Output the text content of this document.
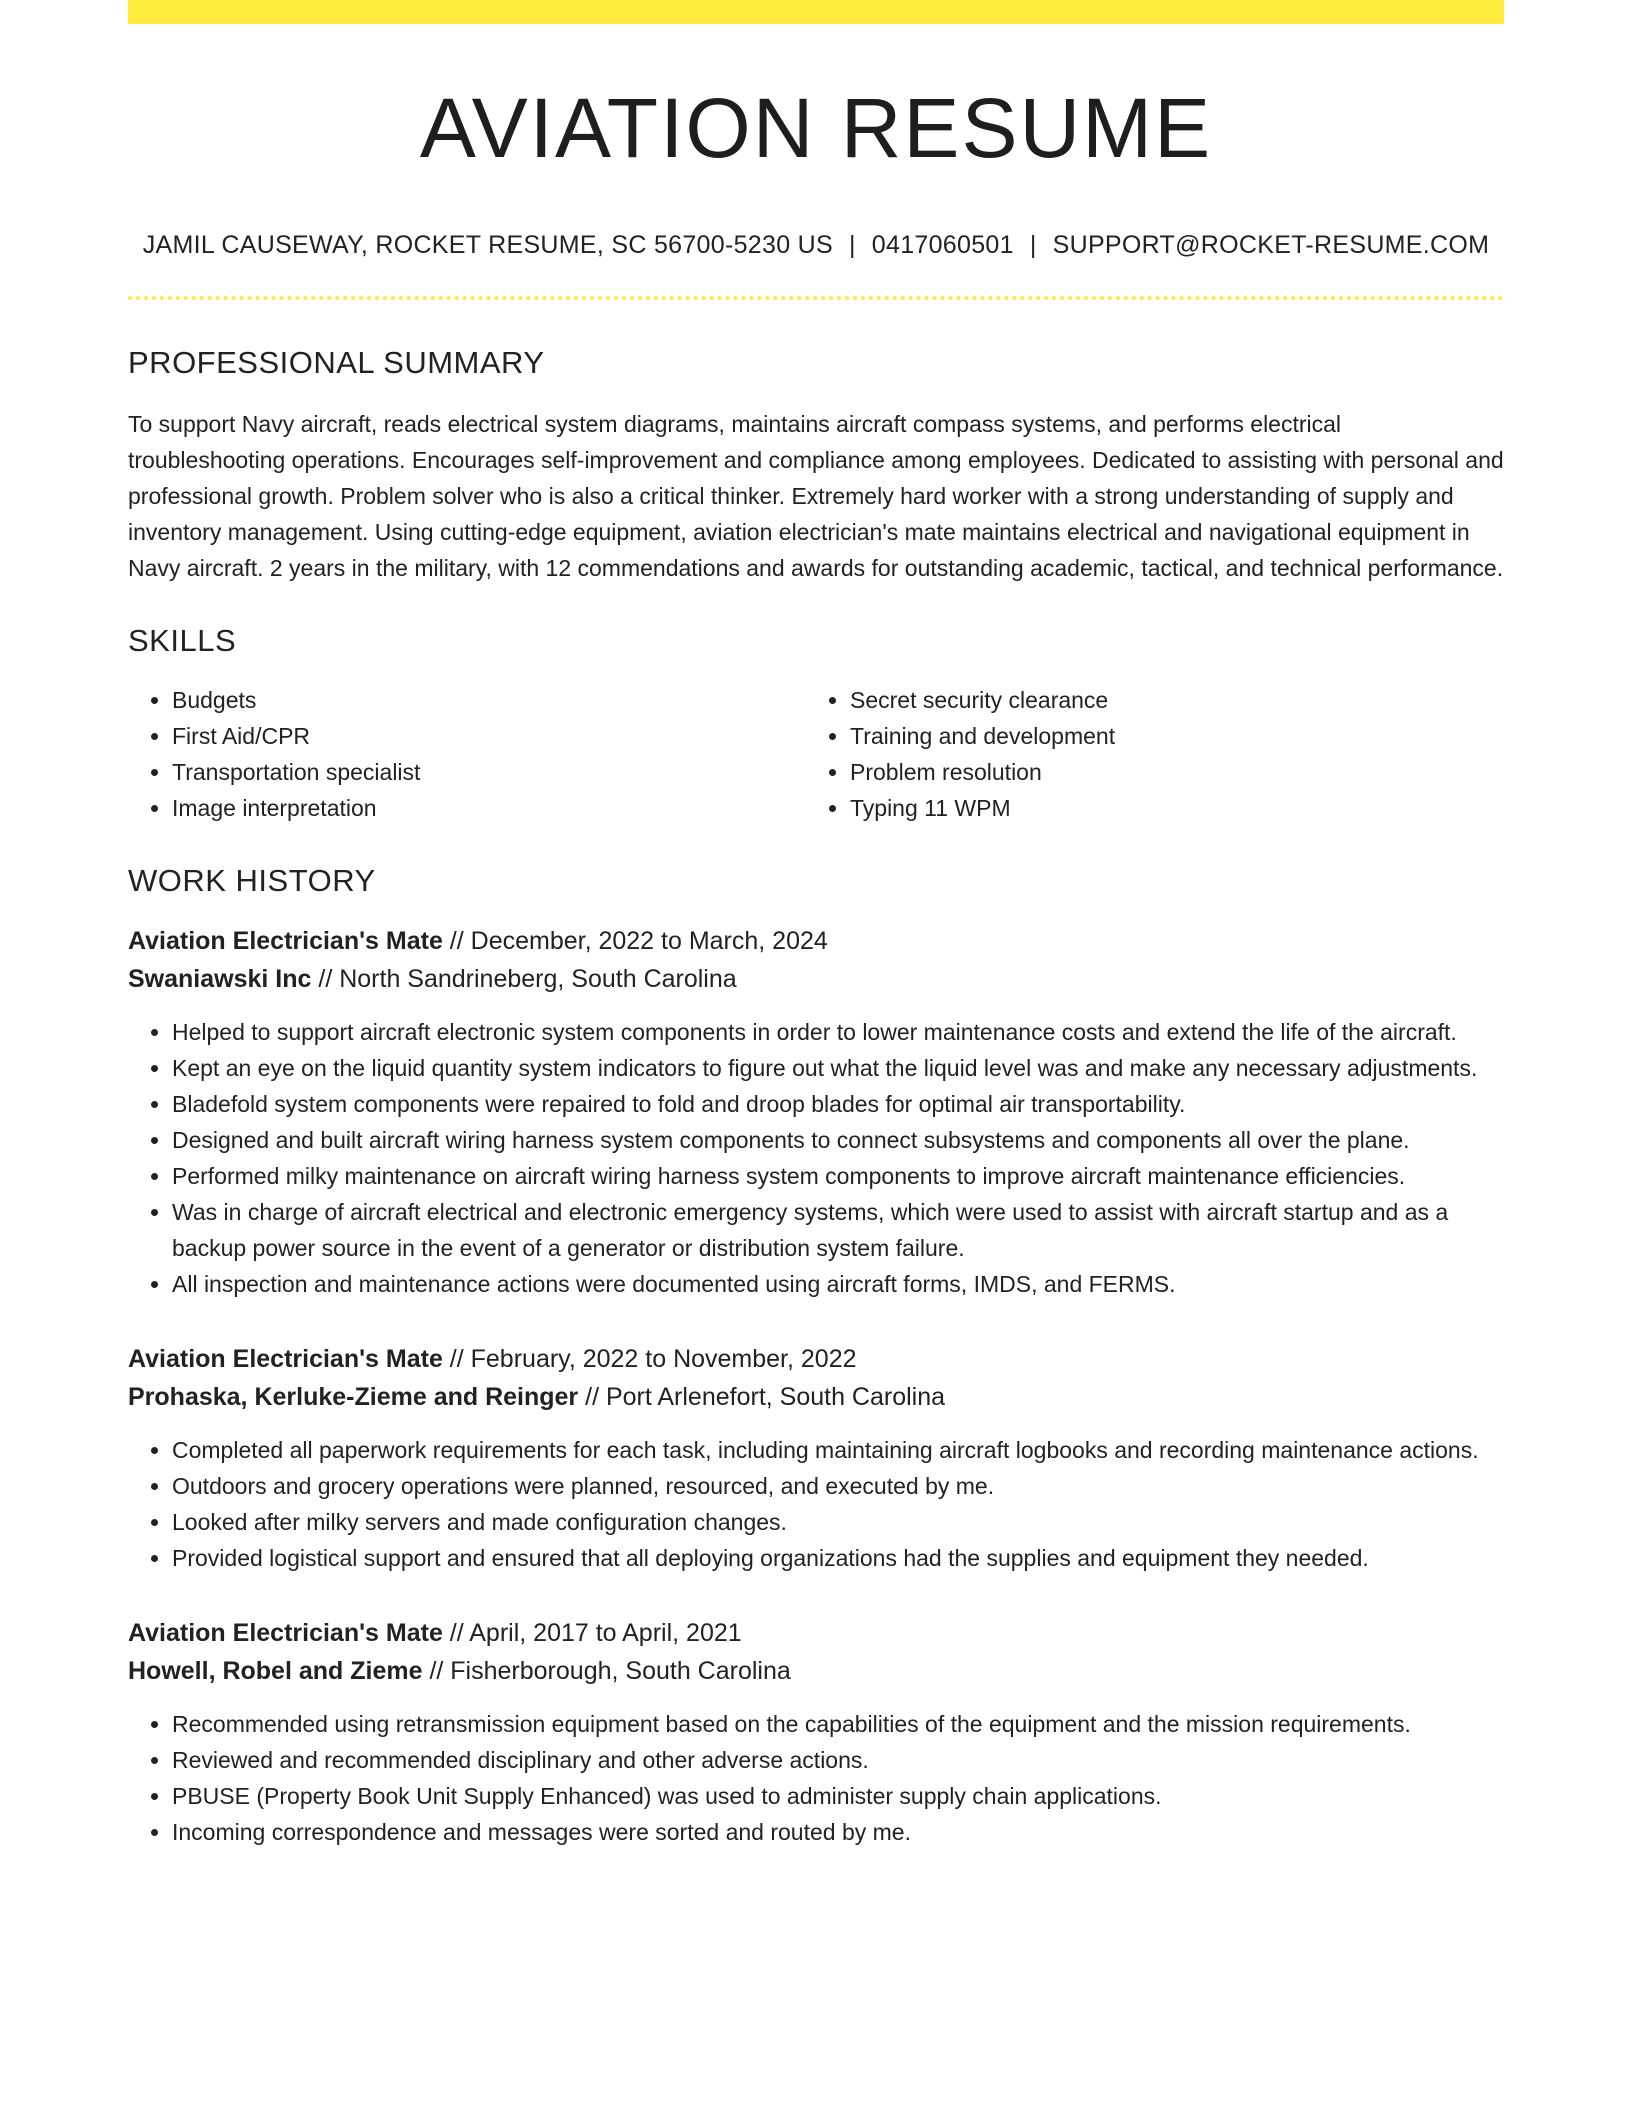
AVIATION RESUME
JAMIL CAUSEWAY, ROCKET RESUME, SC 56700-5230 US | 0417060501 | SUPPORT@ROCKET-RESUME.COM
PROFESSIONAL SUMMARY

To support Navy aircraft, reads electrical system diagrams, maintains aircraft compass systems, and performs electrical troubleshooting operations. Encourages self-improvement and compliance among employees. Dedicated to assisting with personal and professional growth. Problem solver who is also a critical thinker. Extremely hard worker with a strong understanding of supply and inventory management. Using cutting-edge equipment, aviation electrician's mate maintains electrical and navigational equipment in Navy aircraft. 2 years in the military, with 12 commendations and awards for outstanding academic, tactical, and technical performance.

SKILLS
• Budgets
• First Aid/CPR
• Transportation specialist
• Image interpretation
• Secret security clearance
• Training and development
• Problem resolution
• Typing 11 WPM
WORK HISTORY
Aviation Electrician's Mate // December, 2022 to March, 2024
Swaniawski Inc // North Sandrineberg, South Carolina
• Helped to support aircraft electronic system components in order to lower maintenance costs and extend the life of the aircraft.
• Kept an eye on the liquid quantity system indicators to figure out what the liquid level was and make any necessary adjustments.
• Bladefold system components were repaired to fold and droop blades for optimal air transportability.
• Designed and built aircraft wiring harness system components to connect subsystems and components all over the plane.
• Performed milky maintenance on aircraft wiring harness system components to improve aircraft maintenance efficiencies.
• Was in charge of aircraft electrical and electronic emergency systems, which were used to assist with aircraft startup and as a backup power source in the event of a generator or distribution system failure.
• All inspection and maintenance actions were documented using aircraft forms, IMDS, and FERMS.
Aviation Electrician's Mate // February, 2022 to November, 2022
Prohaska, Kerluke-Zieme and Reinger // Port Arlenefort, South Carolina
• Completed all paperwork requirements for each task, including maintaining aircraft logbooks and recording maintenance actions.
• Outdoors and grocery operations were planned, resourced, and executed by me.
• Looked after milky servers and made configuration changes.
• Provided logistical support and ensured that all deploying organizations had the supplies and equipment they needed.
Aviation Electrician's Mate // April, 2017 to April, 2021
Howell, Robel and Zieme // Fisherborough, South Carolina
• Recommended using retransmission equipment based on the capabilities of the equipment and the mission requirements.
• Reviewed and recommended disciplinary and other adverse actions.
• PBUSE (Property Book Unit Supply Enhanced) was used to administer supply chain applications.
• Incoming correspondence and messages were sorted and routed by me.
